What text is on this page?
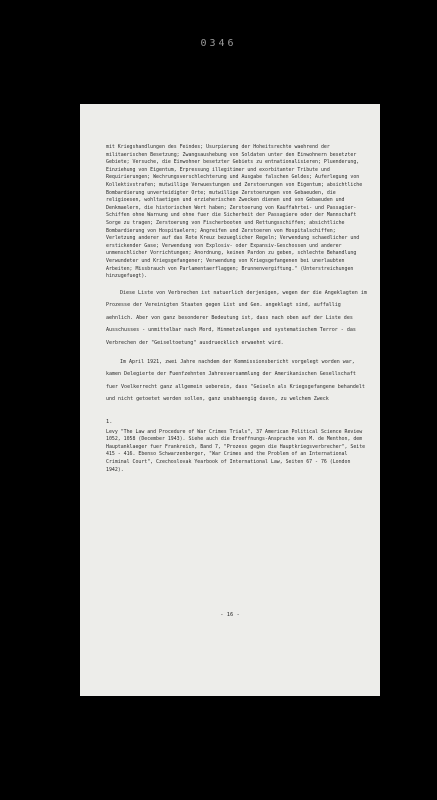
0346
mit Kriegshandlungen des Feindes; Usurpierung der Hoheitsrechte waehrend der militaerischen Besetzung; Zwangsaushebung von Soldaten unter den Einwohnern besetzter Gebiete; Versuche, die Einwohner besetzter Gebiets zu entnationalisieren; Pluenderung, Einziehung von Eigentum, Erpressung illegitimer und exorbitanter Tribute und Requirierungen; Wechrungsverschlechterung und Ausgabe falschen Geldes; Auferlegung von Kollektivstrafen; mutwillige Verwuestungen und Zerstoerungen von Eigentum; absichtliche Bombardierung unverteidigter Orte; mutwillige Zerstoerungen von Gebaeuden, die religioesen, wohltaetigen und erzieherischen Zwecken dienen und von Gebaeuden und Denkmaelern, die historischen Wert haben; Zerstoerung von Kauffahrtei- und Passagier-Schiffen ohne Warnung und ohne fuer die Sicherheit der Passagiere oder der Mannschaft Sorge zu tragen; Zerstoerung von Fischerbooten und Rettungsschiffen; absichtliche Bombardierung von Hospitaelern; Angreifen und Zerstoeren von Hospitalschiffen; Verletzung anderer auf das Rote Kreuz bezueglicher Regeln; Verwendung schaedlicher und erstickender Gase; Verwendung von Explosiv- oder Expansiv-Geschossen und anderer unmenschlicher Vorrichtungen; Anordnung, keinen Pardon zu geben, schlechte Behandlung Verwundeter und Kriegsgefangener; Verwendung von Kriegsgefangenen bei unerlaubten Arbeiten; Missbrauch von Parlamentaerflaggen; Brunnenvergiftung." (Unterstreichungen hinzugefuegt).
Diese Liste von Verbrechen ist natuerlich derjenigen, wegen der die Angeklagten im Prozesse der Vereinigten Staaten gegen List und Gen. angeklagt sind, auffallig aehnlich. Aber von ganz besonderer Bedeutung ist, dass nach oben auf der Liste des Ausschusses - unmittelbar nach Mord, Hinmetzelungen und systematischem Terror - das Verbrechen der "Geiseltoetung" ausdruecklich erwaehnt wird.
Im April 1921, zwei Jahre nachdem der Kommissionsbericht vorgelegt worden war, kamen Delegierte der Fuenfzehnten Jahresversammlung der Amerikanischen Gesellschaft fuer Voelkerrecht ganz allgemein ueberein, dass "Geiseln als Kriegsgefangene behandelt und nicht getoetet werden sollen, ganz unabhaengig davon, zu welchem Zweck
1.
Levy "The Law and Procedure of War Crimes Trials", 37 American Political Science Review 1052, 1058 (December 1943). Siehe auch die Eroeffnungs-Ansprache von M. de Menthon, dem Hauptanklaeger fuer Frankreich, Band 7, "Prozess gegen die Hauptkriegsverbrecher", Seite 415 - 416. Ebenso Schwarzenberger, "War Crimes and the Problem of an International Criminal Court", Czechoslovak Yearbook of International Law, Seiten 67 - 76 (London 1942).
- 16 -
